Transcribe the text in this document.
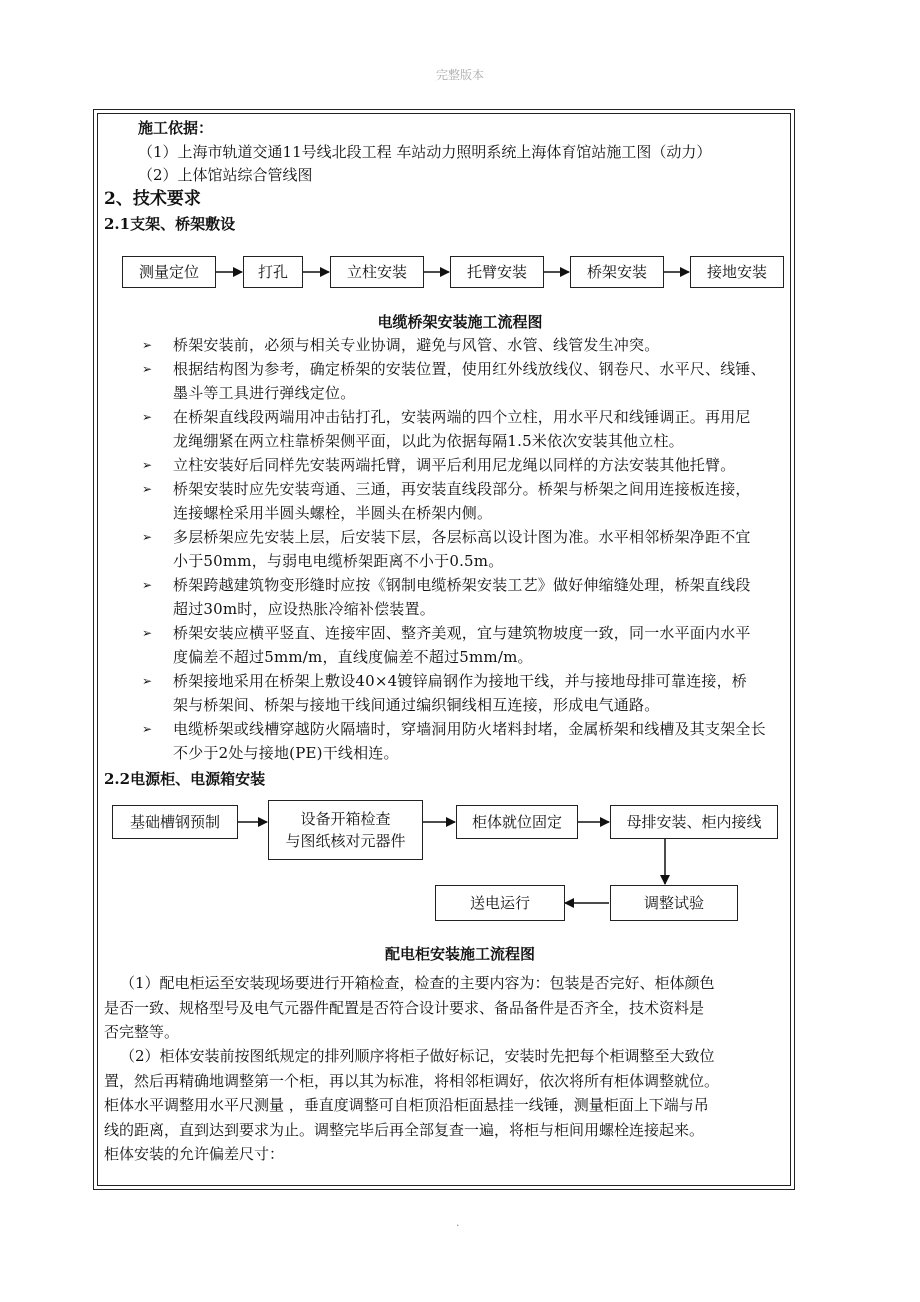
完整版本
施工依据：
（1）上海市轨道交通11号线北段工程 车站动力照明系统上海体育馆站施工图（动力）
（2）上体馆站综合管线图
2、技术要求
2.1支架、桥架敷设
测量定位	打孔	立柱安装	托臂安装	桥架安装	接地安装
电缆桥架安装施工流程图
➢ 桥架安装前，必须与相关专业协调，避免与风管、水管、线管发生冲突。
➢ 根据结构图为参考，确定桥架的安装位置，使用红外线放线仪、钢卷尺、水平尺、线锤、
墨斗等工具进行弹线定位。
➢ 在桥架直线段两端用冲击钻打孔，安装两端的四个立柱，用水平尺和线锤调正。再用尼
龙绳绷紧在两立柱靠桥架侧平面，以此为依据每隔1.5米依次安装其他立柱。
➢ 立柱安装好后同样先安装两端托臂，调平后利用尼龙绳以同样的方法安装其他托臂。
➢ 桥架安装时应先安装弯通、三通，再安装直线段部分。桥架与桥架之间用连接板连接，
连接螺栓采用半圆头螺栓，半圆头在桥架内侧。
➢ 多层桥架应先安装上层，后安装下层，各层标高以设计图为准。水平相邻桥架净距不宜
小于50mm，与弱电电缆桥架距离不小于0.5m。
➢ 桥架跨越建筑物变形缝时应按《钢制电缆桥架安装工艺》做好伸缩缝处理，桥架直线段
超过30m时，应设热胀冷缩补偿装置。
➢ 桥架安装应横平竖直、连接牢固、整齐美观，宜与建筑物坡度一致，同一水平面内水平
度偏差不超过5mm/m，直线度偏差不超过5mm/m。
➢ 桥架接地采用在桥架上敷设40×4镀锌扁钢作为接地干线，并与接地母排可靠连接，桥
架与桥架间、桥架与接地干线间通过编织铜线相互连接，形成电气通路。
➢ 电缆桥架或线槽穿越防火隔墙时，穿墙洞用防火堵料封堵，金属桥架和线槽及其支架全长
不少于2处与接地(PE)干线相连。
2.2电源柜、电源箱安装
基础槽钢预制	设备开箱检查
与图纸核对元器件
柜体就位固定	母排安装、柜内接线
调整试验
送电运行
配电柜安装施工流程图
（1）配电柜运至安装现场要进行开箱检查，检查的主要内容为：包装是否完好、柜体颜色
是否一致、规格型号及电气元器件配置是否符合设计要求、备品备件是否齐全，技术资料是
否完整等。
（2）柜体安装前按图纸规定的排列顺序将柜子做好标记，安装时先把每个柜调整至大致位
置，然后再精确地调整第一个柜，再以其为标准，将相邻柜调好，依次将所有柜体调整就位。
柜体水平调整用水平尺测量 ，垂直度调整可自柜顶沿柜面悬挂一线锤，测量柜面上下端与吊
线的距离，直到达到要求为止。调整完毕后再全部复查一遍，将柜与柜间用螺栓连接起来。
柜体安装的允许偏差尺寸：
.
